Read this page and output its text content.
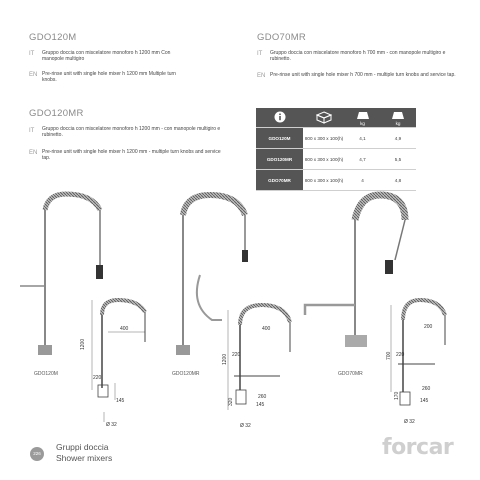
GDO120M
IT Gruppo doccia con miscelatore monoforo h 1200 mm Con manopole multigiro
EN Pre-rinse unit with single hole mixer h 1200 mm Multiple turn knobs.
GDO70MR
IT Gruppo doccia con miscelatore monoforo h 700 mm - con manopole multigiro e rubinetto.
EN Pre-rinse unit with single hole mixer h 700 mm - multiple turn knobs and service tap.
GDO120MR
IT Gruppo doccia con miscelatore monoforo h 1200 mm - con manopole multigiro e rubinetto.
EN Pre-rinse unit with single hole mixer h 1200 mm - multiple turn knobs and service tap.

kg	kg

GDO120M	800 x 300 x 100(h)	4,1	4,9
GDO120MR	800 x 300 x 100(h)	4,7	5,5
GDO70MR	800 x 300 x 100(h)	4	4,8
GDO120M	GDO120MR	GDO70MR
400
1200
220
145
Ø 32
400
1200 220
260
320	145
Ø 32
200
700 220
260
170
145
Ø 32
226
Gruppi doccia
Shower mixers	forcar
